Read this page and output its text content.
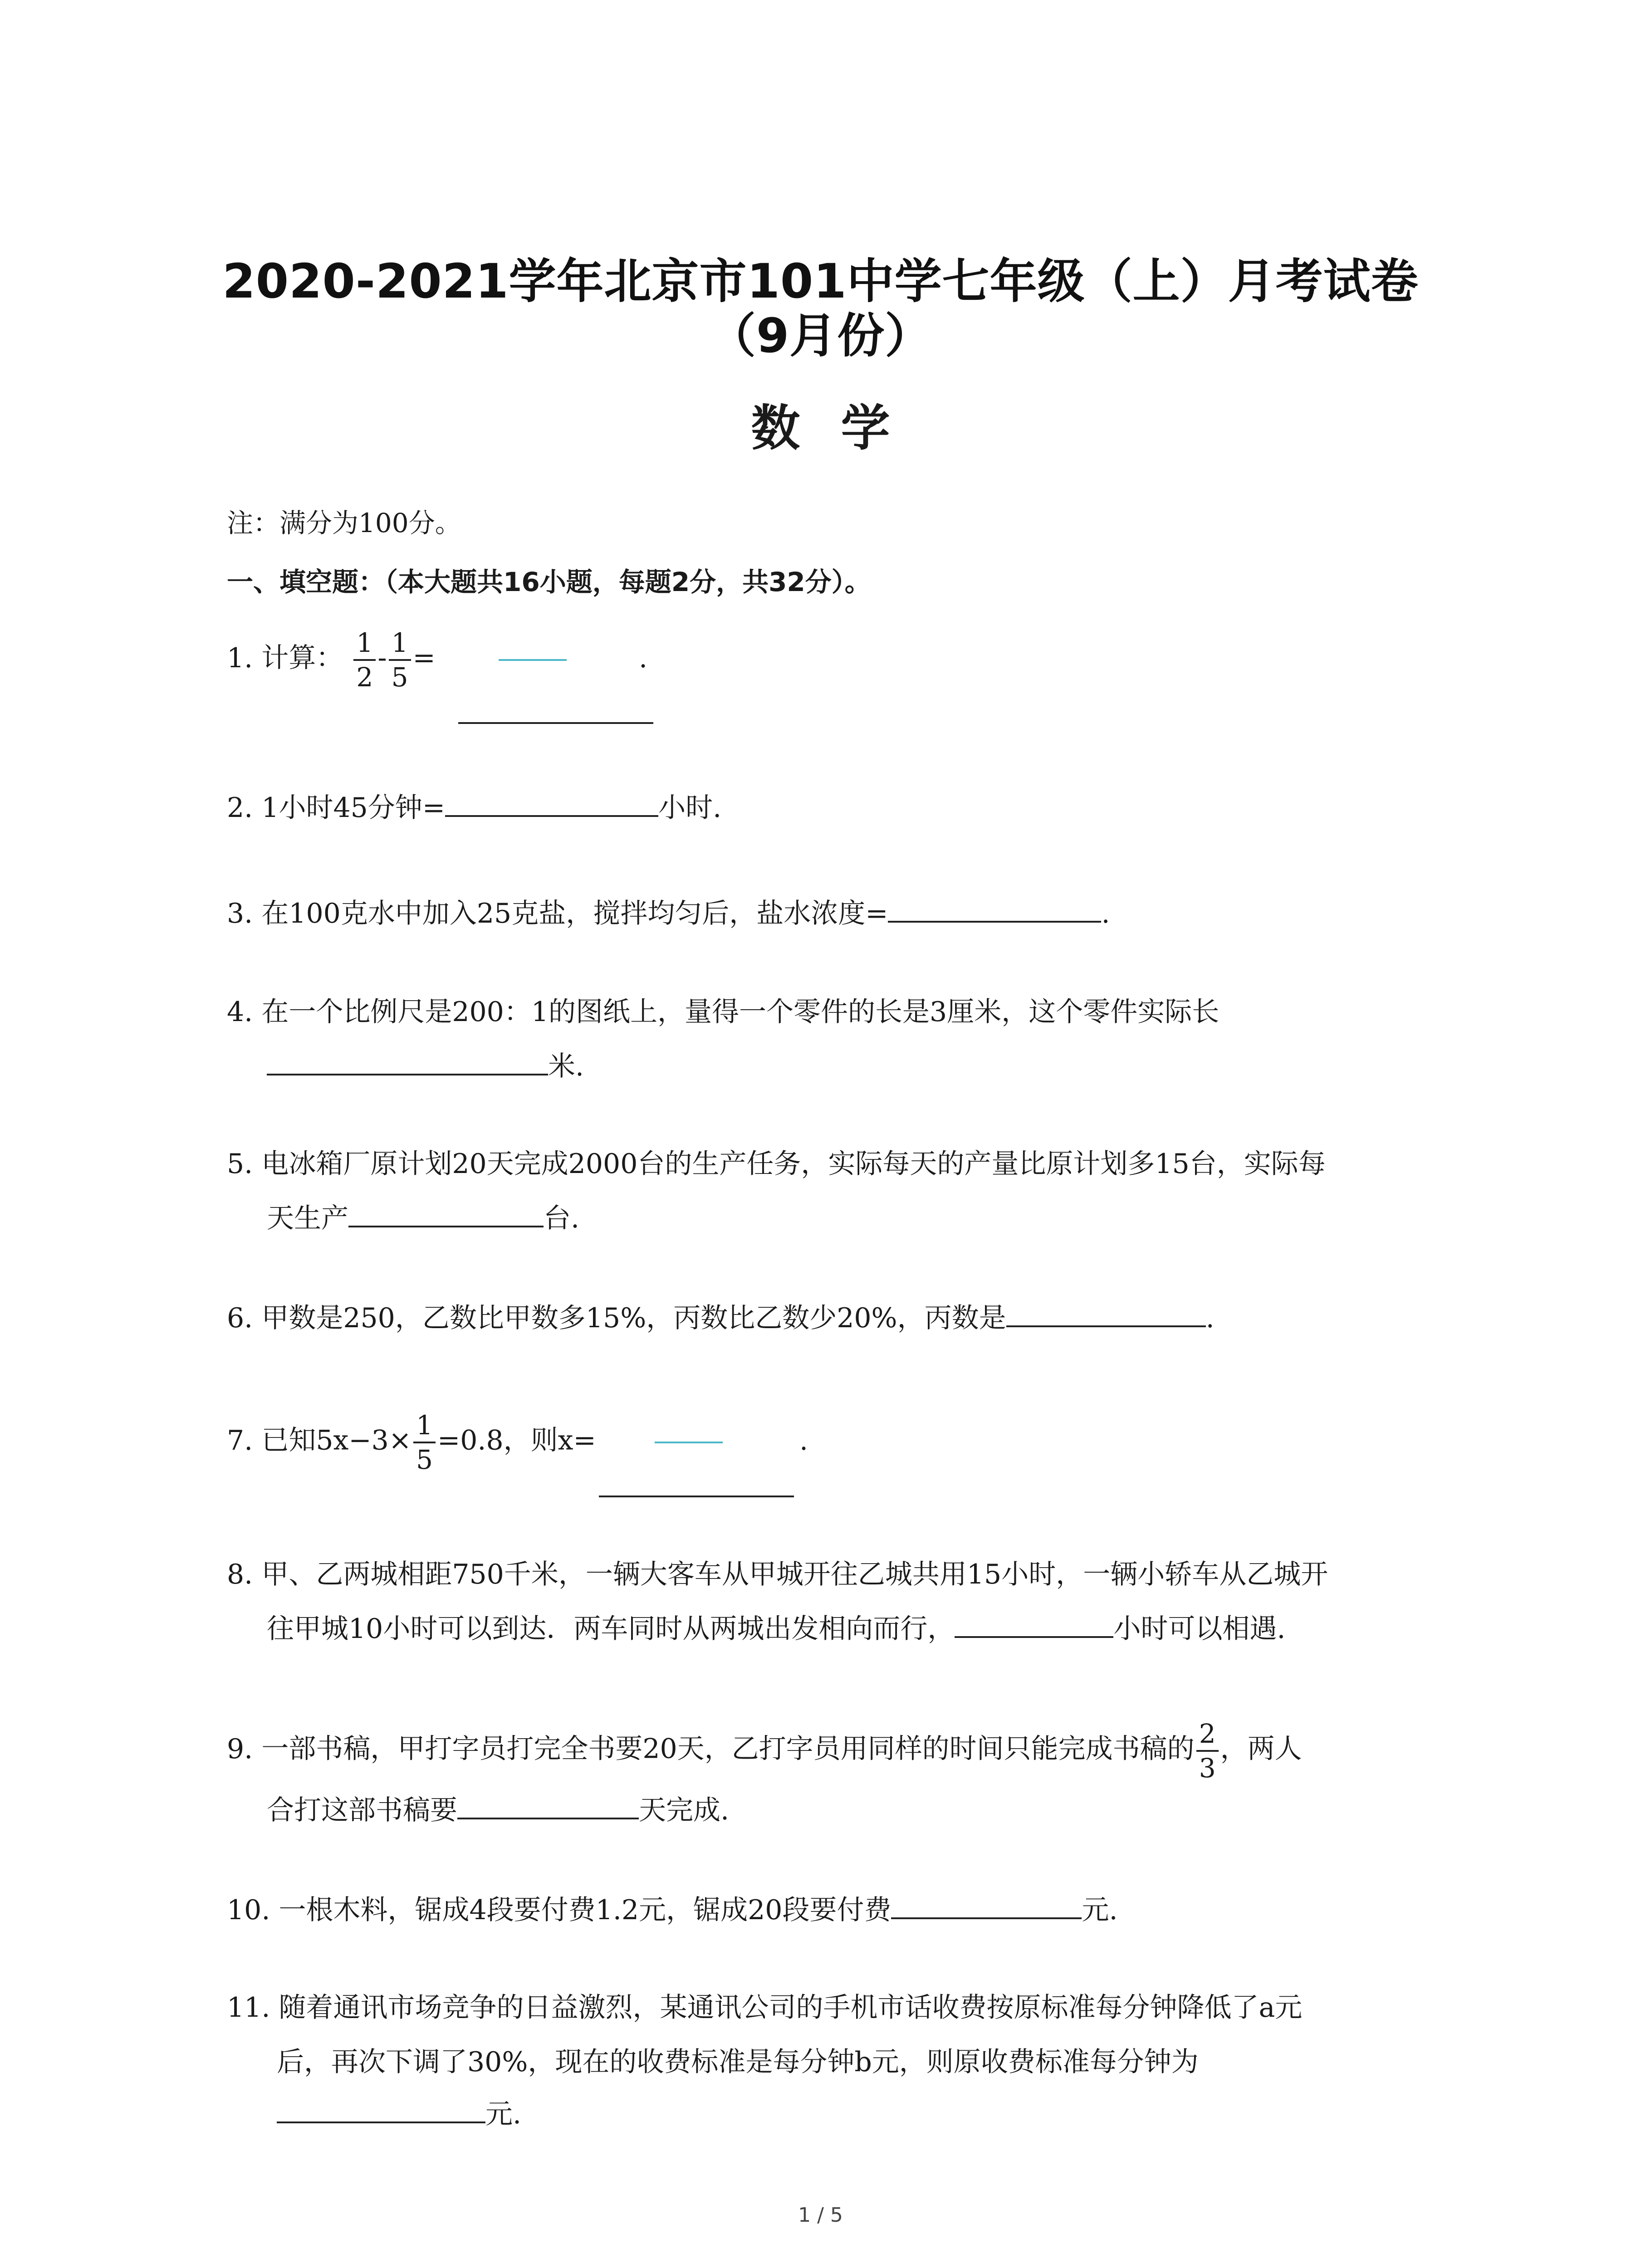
2020-2021学年北京市101中学七年级（上）月考试卷
（9月份）
数学
注：满分为100分。
一、填空题：（本大题共16小题，每题2分，共32分）。
1. 计算： $\frac{1}{2} - \frac{1}{5}$ =	.
2. 1小时45分钟=	小时.
3. 在100克水中加入25克盐，搅拌均匀后，盐水浓度=	.
4. 在一个比例尺是200：1的图纸上，量得一个零件的长是3厘米，这个零件实际长
米.
5. 电冰箱厂原计划20天完成2000台的生产任务，实际每天的产量比原计划多15台，实际每
天生产	台.
6. 甲数是250，乙数比甲数多15%，丙数比乙数少20%，丙数是	.
7. 已知$5x-3\times \frac{1}{5} =0.8$，则x=	.
8. 甲、乙两城相距750千米，一辆大客车从甲城开往乙城共用15小时，一辆小轿车从乙城开
往甲城10小时可以到达．两车同时从两城出发相向而行，	小时可以相遇.
9. 一部书稿，甲打字员打完全书要20天，乙打字员用同样的时间只能完成书稿的 $\frac{2}{3}$ ，两人
合打这部书稿要	天完成.
10. 一根木料，锯成4段要付费1.2元，锯成20段要付费	元.
11. 随着通讯市场竞争的日益激烈，某通讯公司的手机市话收费按原标准每分钟降低了a元
后，再次下调了30%，现在的收费标准是每分钟b元，则原收费标准每分钟为
元.
1 / 5
